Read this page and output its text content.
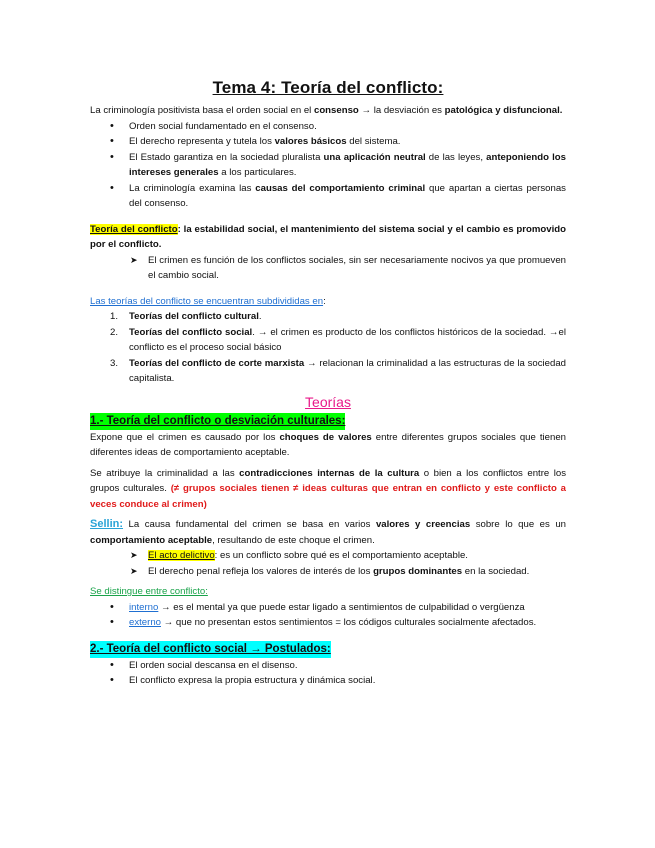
Tema 4: Teoría del conflicto:

La criminología positivista basa el orden social en el consenso → la desviación es patológica y disfuncional.

• Orden social fundamentado en el consenso.
• El derecho representa y tutela los valores básicos del sistema.
• El Estado garantiza en la sociedad pluralista una aplicación neutral de las leyes, anteponiendo los intereses generales a los particulares.
• La criminología examina las causas del comportamiento criminal que apartan a ciertas personas del consenso.

Teoría del conflicto: la estabilidad social, el mantenimiento del sistema social y el cambio es promovido por el conflicto.

➤ El crimen es función de los conflictos sociales, sin ser necesariamente nocivos ya que promueven el cambio social.

Las teorías del conflicto se encuentran subdivididas en:

1. Teorías del conflicto cultural.
2. Teorías del conflicto social. → el crimen es producto de los conflictos históricos de la sociedad. →el conflicto es el proceso social básico
3. Teorías del conflicto de corte marxista → relacionan la criminalidad a las estructuras de la sociedad capitalista.
Teorías
1.- Teoría del conflicto o desviación culturales:

Expone que el crimen es causado por los choques de valores entre diferentes grupos sociales que tienen diferentes ideas de comportamiento aceptable.

Se atribuye la criminalidad a las contradicciones internas de la cultura o bien a los conflictos entre los grupos culturales. (≠ grupos sociales tienen ≠ ideas culturas que entran en conflicto y este conflicto a veces conduce al crimen)

Sellin: La causa fundamental del crimen se basa en varios valores y creencias sobre lo que es un comportamiento aceptable, resultando de este choque el crimen.

➤ El acto delictivo: es un conflicto sobre qué es el comportamiento aceptable.
➤ El derecho penal refleja los valores de interés de los grupos dominantes en la sociedad.

Se distingue entre conflicto:

• interno → es el mental ya que puede estar ligado a sentimientos de culpabilidad o vergüenza
• externo → que no presentan estos sentimientos = los códigos culturales socialmente afectados.
2.- Teoría del conflicto social → Postulados:
• El orden social descansa en el disenso.
• El conflicto expresa la propia estructura y dinámica social.
